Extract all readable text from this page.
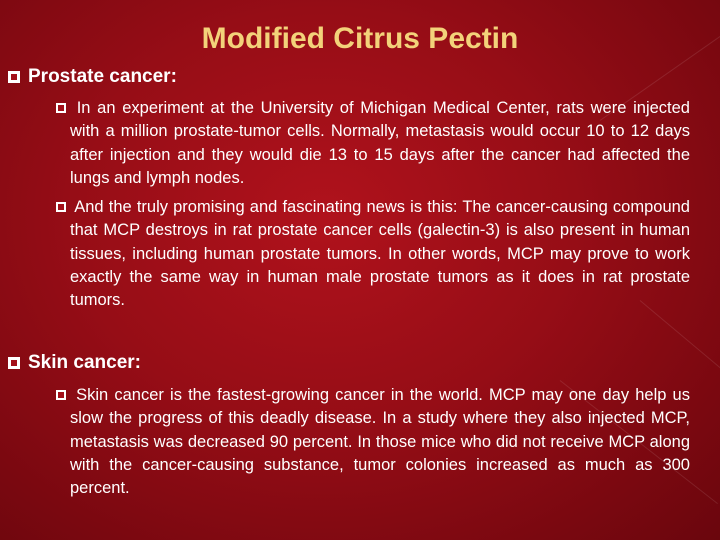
Modified Citrus Pectin
Prostate cancer:
In an experiment at the University of Michigan Medical Center, rats were injected with a million prostate-tumor cells. Normally, metastasis would occur 10 to 12 days after injection and they would die 13 to 15 days after the cancer had affected the lungs and lymph nodes.
And the truly promising and fascinating news is this: The cancer-causing compound that MCP destroys in rat prostate cancer cells (galectin-3) is also present in human tissues, including human prostate tumors. In other words, MCP may prove to work exactly the same way in human male prostate tumors as it does in rat prostate tumors.
Skin cancer:
Skin cancer is the fastest-growing cancer in the world. MCP may one day help us slow the progress of this deadly disease. In a study where they also injected MCP, metastasis was decreased 90 percent. In those mice who did not receive MCP along with the cancer-causing substance, tumor colonies increased as much as 300 percent.
